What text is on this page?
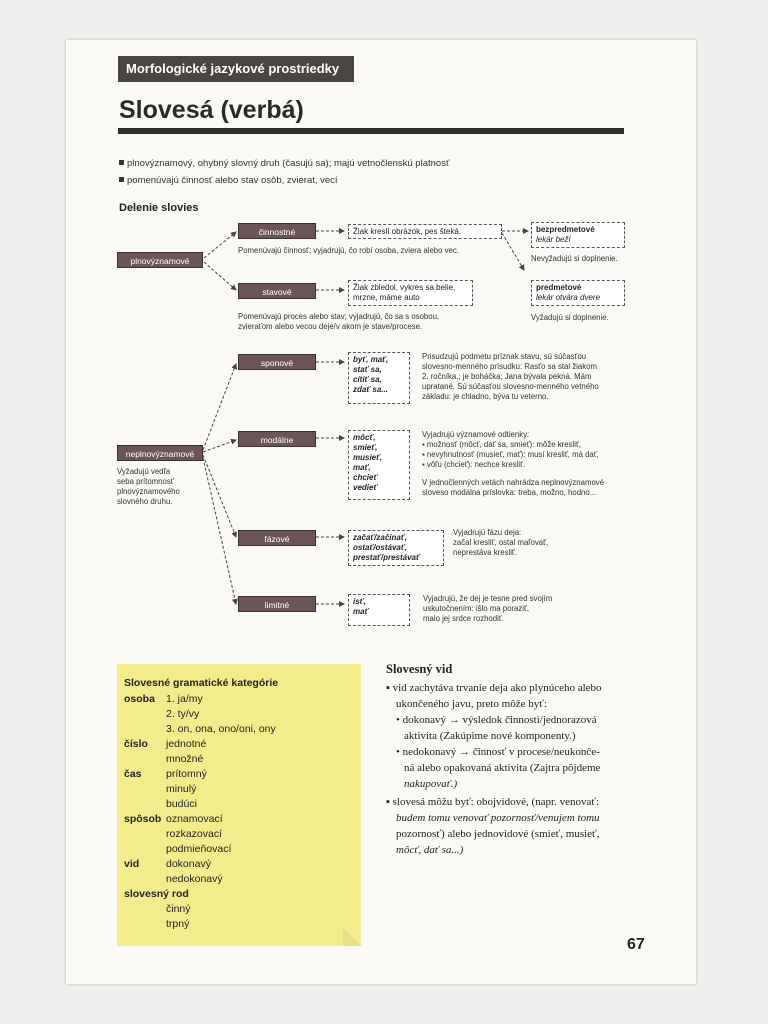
Morfologické jazykové prostriedky
Slovesá (verbá)
plnovýznamový, ohybný slovný druh (časujú sa); majú vetnočlenskú platnosť
pomenúvajú činnosť alebo stav osôb, zvierat, vecí
Delenie slovies
plnovýznamové
činnostné	Žiak kreslí obrázok, pes šteká.
Pomenúvajú činnosť; vyjadrujú, čo robí osoba, zviera alebo vec.
stavové	Žiak zbledol, vykres sa belie,
mrzne, máme auto
Pomenúvajú proces alebo stav; vyjadrujú, čo sa s osobou,
zvieraťom alebo vecou deje/v akom je stave/procese.
bezpredmetové
lekár beží
Nevyžadujú si doplnenie.
predmetové
lekár otvára dvere
Vyžadujú si doplnenie.
neplnovýznamové
Vyžadujú vedľa
seba prítomnosť
plnovýznamového
slovného druhu.
sponové	byť, mať,
stať sa,
cítiť sa,
zdať sa...
Prisudzujú podmetu príznak stavu, sú súčasťou
slovesno-menného prísudku: Rasťo sa stal žiakom
2. ročníka.; je boháčka; Jana bývala pekná. Mám
upratané. Sú súčasťou slovesno-menného vetného
základu: je chladno, býva tu veterno.
modálne	môcť,
smieť,
musieť,
mať,
chcieť
vedieť
Vyjadrujú významové odtienky:
▪ možnosť (môcť, dať sa, smieť): môže kresliť,
▪ nevyhnutnosť (musieť, mať): musí kresliť, má dať,
▪ vôľu (chcieť): nechce kresliť.
V jednočlenných vetách nahrádza neplnovýznamové
sloveso modálna príslovka: treba, možno, hodno...
fázové	začať/začínať,
ostať/ostávať,
prestať/prestávať
Vyjadrujú fázu deja:
začal kresliť, ostal maľovať,
neprestáva kresliť.
limitné	ísť,
mať
Vyjadrujú, že dej je tesne pred svojím
uskutočnením: išlo ma poraziť,
malo jej srdce rozhodiť.
Slovesné gramatické kategórie
osoba 1. ja/my
2. ty/vy
3. on, ona, ono/oni, ony
číslo jednotné
množné
čas prítomný
minulý
budúci
spôsob oznamovací
rozkazovací
podmieňovací
vid	dokonavý
nedokonavý
slovesný rod
činný
trpný
Slovesný vid
▪ vid zachytáva trvanie deja ako plynúceho alebo
ukončeného javu, preto môže byť:
• dokonavý → výsledok činnosti/jednorazová
aktivita (Zakúpime nové komponenty.)
• nedokonavý → činnosť v procese/neukonče-
ná alebo opakovaná aktivita (Zajtra pôjdeme
nakupovať.)
▪ slovesá môžu byť: obojvidové, (napr. venovať:
budem tomu venovať pozornosť/venujem tomu
pozornosť) alebo jednovidové (smieť, musieť,
môcť, dať sa...)
67
